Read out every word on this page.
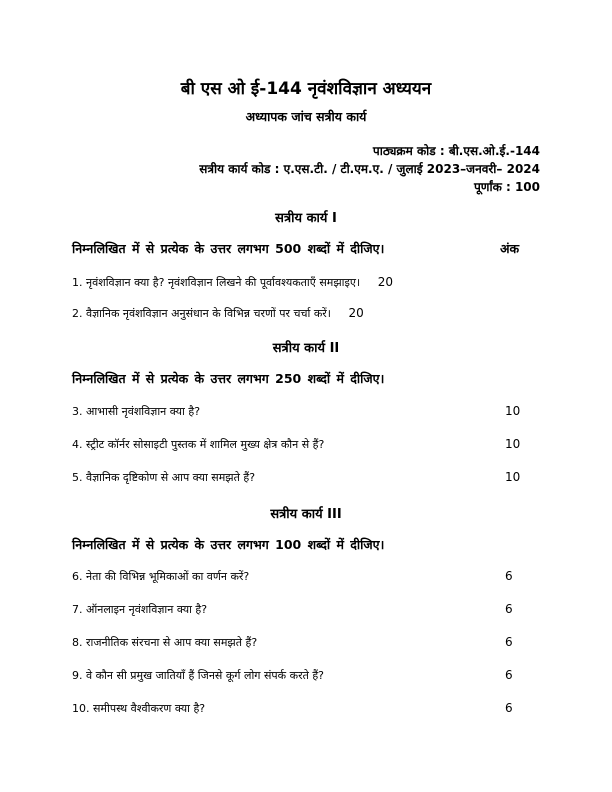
बी एस ओ ई-144 नृवंशविज्ञान अध्ययन
अध्यापक जांच सत्रीय कार्य
पाठ्यक्रम कोड : बी.एस.ओ.ई.-144
सत्रीय कार्य कोड : ए.एस.टी. / टी.एम.ए. / जुलाई 2023–जनवरी– 2024
पूर्णांक : 100
सत्रीय कार्य I
निम्नलिखित में से प्रत्येक के उत्तर लगभग 500 शब्दों में दीजिए।	अंक
1. नृवंशविज्ञान क्या है? नृवंशविज्ञान लिखने की पूर्वावश्यकताएँ समझाइए। 20
2. वैज्ञानिक नृवंशविज्ञान अनुसंधान के विभिन्न चरणों पर चर्चा करें। 20
सत्रीय कार्य II
निम्नलिखित में से प्रत्येक के उत्तर लगभग 250 शब्दों में दीजिए।
3. आभासी नृवंशविज्ञान क्या है?	10
4. स्ट्रीट कॉर्नर सोसाइटी पुस्तक में शामिल मुख्य क्षेत्र कौन से हैं?	10
5. वैज्ञानिक दृष्टिकोण से आप क्या समझते हैं?	10
सत्रीय कार्य III
निम्नलिखित में से प्रत्येक के उत्तर लगभग 100 शब्दों में दीजिए।
6. नेता की विभिन्न भूमिकाओं का वर्णन करें?	6
7. ऑनलाइन नृवंशविज्ञान क्या है?	6
8. राजनीतिक संरचना से आप क्या समझते हैं?	6
9. वे कौन सी प्रमुख जातियाँ हैं जिनसे कूर्ग लोग संपर्क करते हैं?	6
10. समीपस्थ वैश्वीकरण क्या है?	6
